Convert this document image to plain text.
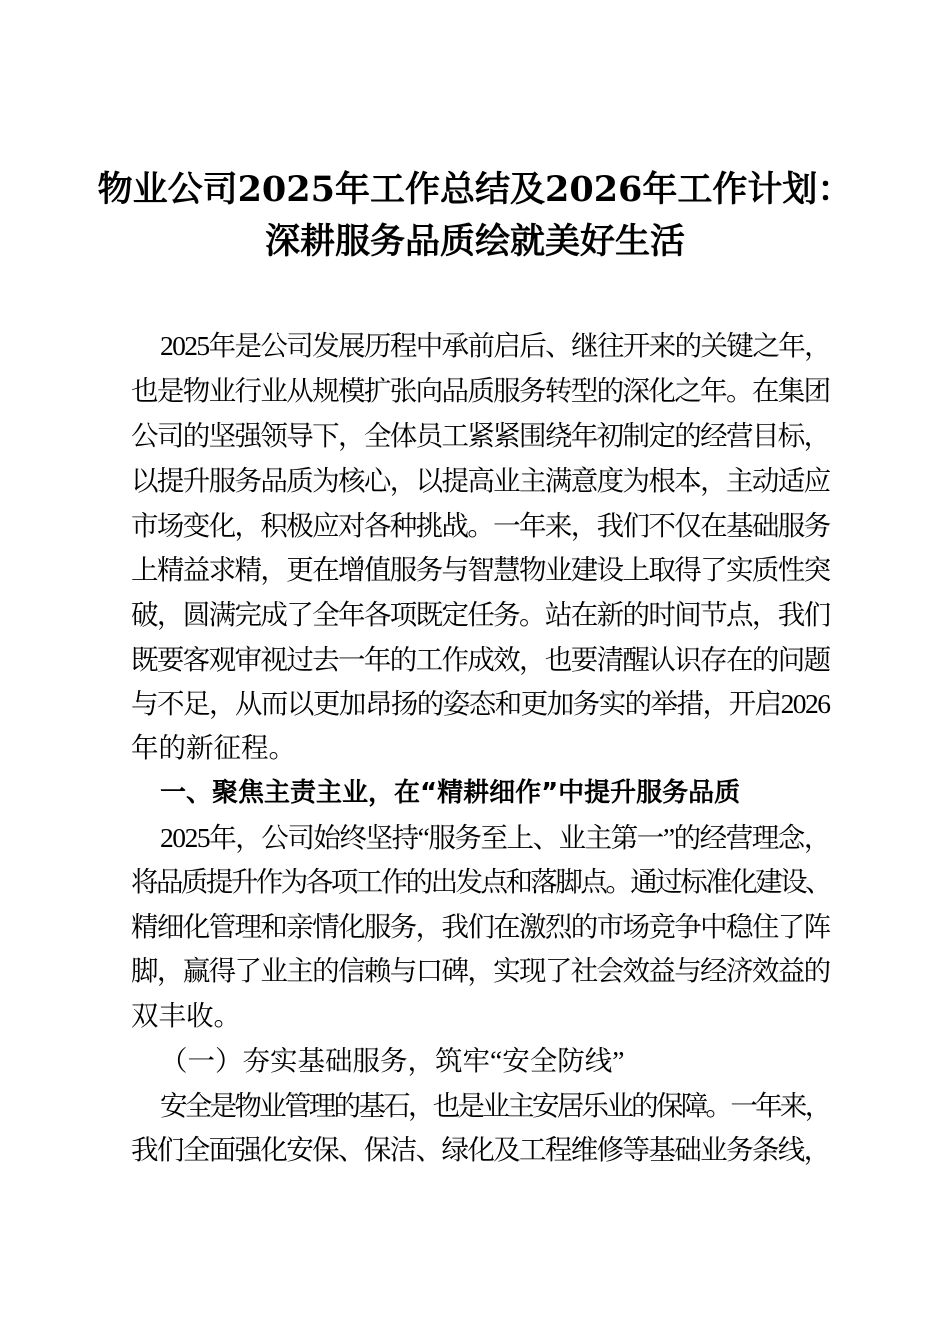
物业公司2025年工作总结及2026年工作计划：
深耕服务品质绘就美好生活
2025年是公司发展历程中承前启后、继往开来的关键之年，
也是物业行业从规模扩张向品质服务转型的深化之年。在集团
公司的坚强领导下，全体员工紧紧围绕年初制定的经营目标，
以提升服务品质为核心，以提高业主满意度为根本，主动适应
市场变化，积极应对各种挑战。一年来，我们不仅在基础服务
上精益求精，更在增值服务与智慧物业建设上取得了实质性突
破，圆满完成了全年各项既定任务。站在新的时间节点，我们
既要客观审视过去一年的工作成效，也要清醒认识存在的问题
与不足，从而以更加昂扬的姿态和更加务实的举措，开启2026
年的新征程。
一、聚焦主责主业，在“精耕细作”中提升服务品质
2025年，公司始终坚持“服务至上、业主第一”的经营理念，
将品质提升作为各项工作的出发点和落脚点。通过标准化建设、
精细化管理和亲情化服务，我们在激烈的市场竞争中稳住了阵
脚，赢得了业主的信赖与口碑，实现了社会效益与经济效益的
双丰收。
（一）夯实基础服务，筑牢“安全防线”
安全是物业管理的基石，也是业主安居乐业的保障。一年来，
我们全面强化安保、保洁、绿化及工程维修等基础业务条线，
